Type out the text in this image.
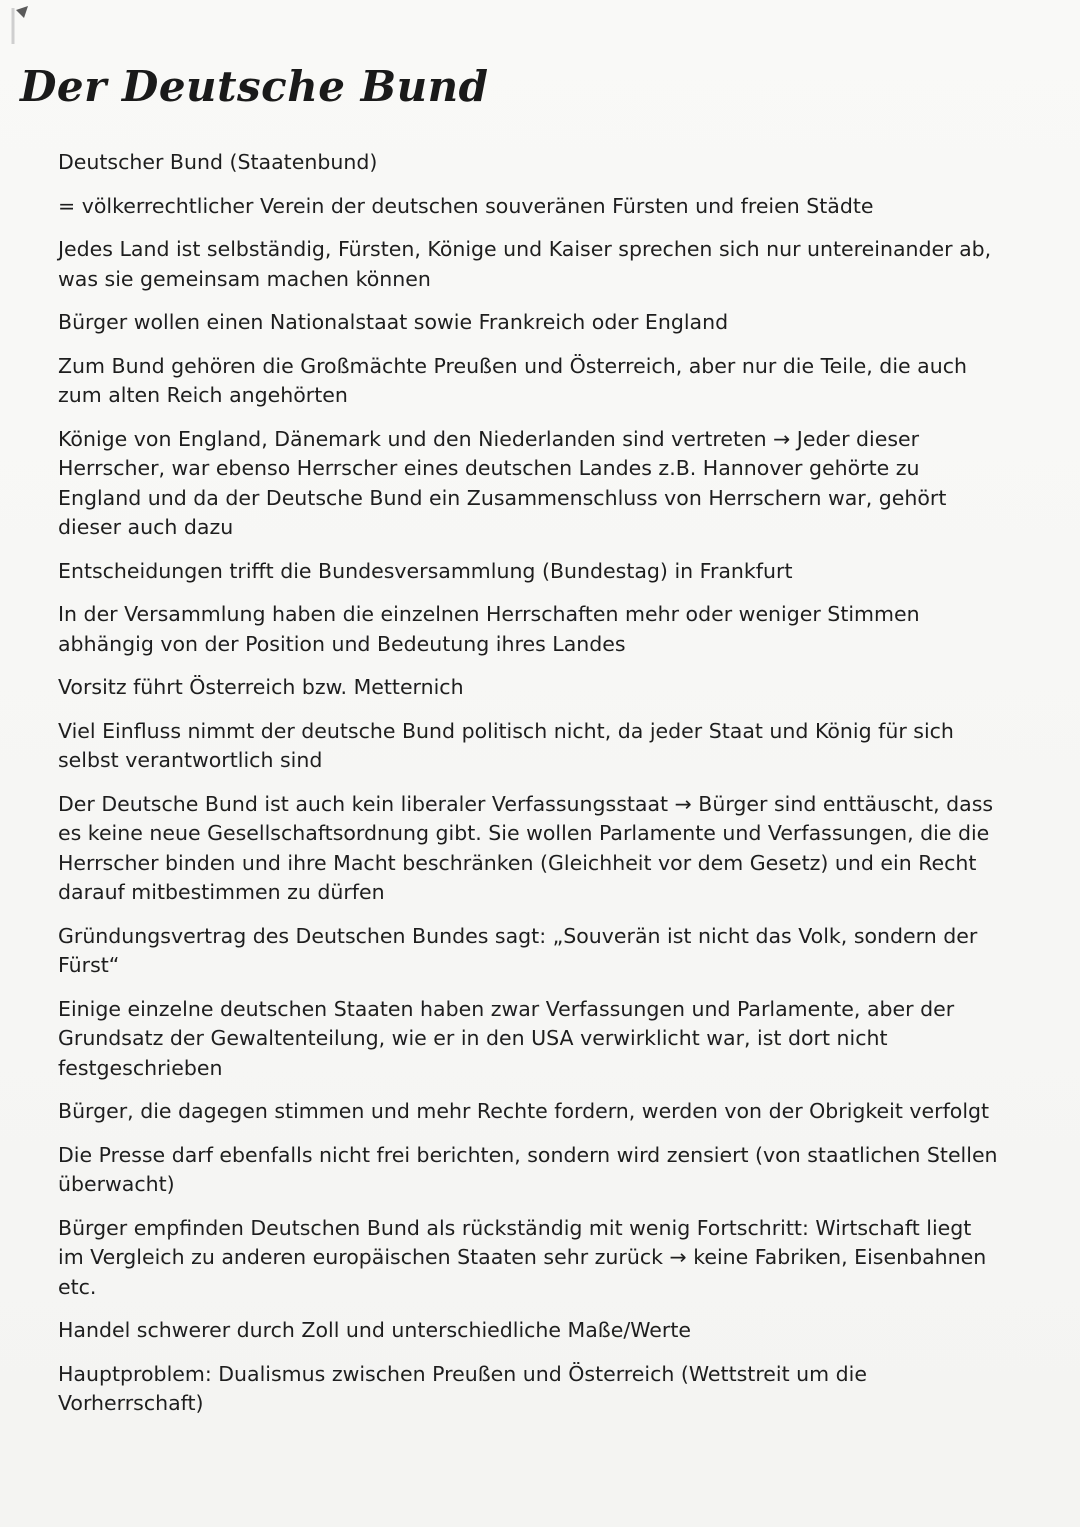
Der Deutsche Bund

Deutscher Bund (Staatenbund)

= völkerrechtlicher Verein der deutschen souveränen Fürsten und freien Städte

Jedes Land ist selbständig, Fürsten, Könige und Kaiser sprechen sich nur untereinander ab, was sie gemeinsam machen können

Bürger wollen einen Nationalstaat sowie Frankreich oder England

Zum Bund gehören die Großmächte Preußen und Österreich, aber nur die Teile, die auch zum alten Reich angehörten

Könige von England, Dänemark und den Niederlanden sind vertreten → Jeder dieser Herrscher, war ebenso Herrscher eines deutschen Landes z.B. Hannover gehörte zu England und da der Deutsche Bund ein Zusammenschluss von Herrschern war, gehört dieser auch dazu

Entscheidungen trifft die Bundesversammlung (Bundestag) in Frankfurt

In der Versammlung haben die einzelnen Herrschaften mehr oder weniger Stimmen abhängig von der Position und Bedeutung ihres Landes

Vorsitz führt Österreich bzw. Metternich

Viel Einfluss nimmt der deutsche Bund politisch nicht, da jeder Staat und König für sich selbst verantwortlich sind

Der Deutsche Bund ist auch kein liberaler Verfassungsstaat → Bürger sind enttäuscht, dass es keine neue Gesellschaftsordnung gibt. Sie wollen Parlamente und Verfassungen, die die Herrscher binden und ihre Macht beschränken (Gleichheit vor dem Gesetz) und ein Recht darauf mitbestimmen zu dürfen

Gründungsvertrag des Deutschen Bundes sagt: „Souverän ist nicht das Volk, sondern der Fürst“

Einige einzelne deutschen Staaten haben zwar Verfassungen und Parlamente, aber der Grundsatz der Gewaltenteilung, wie er in den USA verwirklicht war, ist dort nicht festgeschrieben

Bürger, die dagegen stimmen und mehr Rechte fordern, werden von der Obrigkeit verfolgt

Die Presse darf ebenfalls nicht frei berichten, sondern wird zensiert (von staatlichen Stellen überwacht)

Bürger empfinden Deutschen Bund als rückständig mit wenig Fortschritt: Wirtschaft liegt im Vergleich zu anderen europäischen Staaten sehr zurück → keine Fabriken, Eisenbahnen etc.

Handel schwerer durch Zoll und unterschiedliche Maße/Werte

Hauptproblem: Dualismus zwischen Preußen und Österreich (Wettstreit um die Vorherrschaft)
